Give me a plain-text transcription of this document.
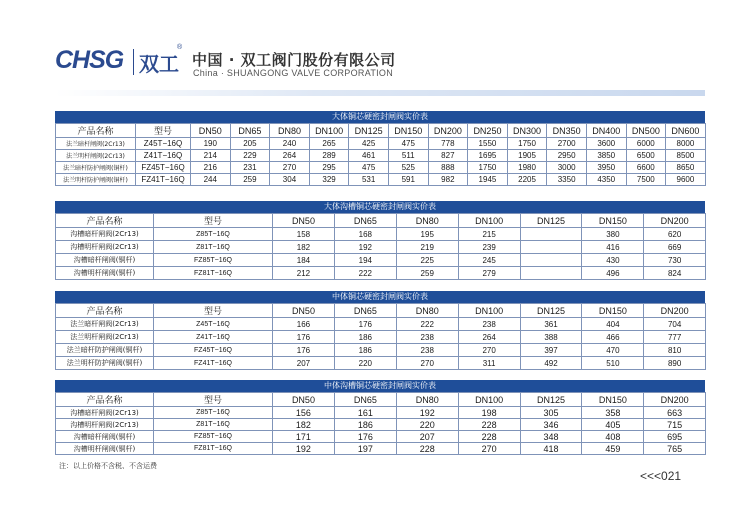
CHSG 双工
®
中国 · 双工阀门股份有限公司
China · SHUANGONG VALVE CORPORATION
大体铜芯硬密封闸阀实价表
产品名称	型号	DN50	DN65	DN80	DN100	DN125	DN150	DN200	DN250	DN300	DN350	DN400	DN500	DN600
法兰暗杆闸阀(2Cr13)	Z45T−16Q	190	205	240	265	425	475	778	1550	1750	2700	3600	6000	8000
法兰明杆闸阀(2Cr13)	Z41T−16Q	214	229	264	289	461	511	827	1695	1905	2950	3850	6500	8500
法兰暗杆防护闸阀(铜杆)	FZ45T−16Q	216	231	270	295	475	525	888	1750	1980	3000	3950	6600	8650
法兰明杆防护闸阀(铜杆)	FZ41T−16Q	244	259	304	329	531	591	982	1945	2205	3350	4350	7500	9600
大体沟槽铜芯硬密封闸阀实价表
产品名称	型号	DN50	DN65	DN80	DN100	DN125	DN150	DN200
沟槽暗杆闸阀(2Cr13)	Z85T−16Q	158	168	195	215		380	620
沟槽明杆闸阀(2Cr13)	Z81T−16Q	182	192	219	239		416	669
沟槽暗杆闸阀(铜杆)	FZ85T−16Q	184	194	225	245		430	730
沟槽明杆闸阀(铜杆)	FZ81T−16Q	212	222	259	279		496	824
中体铜芯硬密封闸阀实价表
产品名称	型号	DN50	DN65	DN80	DN100	DN125	DN150	DN200
法兰暗杆闸阀(2Cr13)	Z45T−16Q	166	176	222	238	361	404	704
法兰明杆闸阀(2Cr13)	Z41T−16Q	176	186	238	264	388	466	777
法兰暗杆防护闸阀(铜杆)	FZ45T−16Q	176	186	238	270	397	470	810
法兰明杆防护闸阀(铜杆)	FZ41T−16Q	207	220	270	311	492	510	890
中体沟槽铜芯硬密封闸阀实价表
产品名称	型号	DN50	DN65	DN80	DN100	DN125	DN150	DN200
沟槽暗杆闸阀(2Cr13)	Z85T−16Q	156	161	192	198	305	358	663
沟槽明杆闸阀(2Cr13)	Z81T−16Q	182	186	220	228	346	405	715
沟槽暗杆闸阀(铜杆)	FZ85T−16Q	171	176	207	228	348	408	695
沟槽明杆闸阀(铜杆)	FZ81T−16Q	192	197	228	270	418	459	765
注：以上价格不含税、不含运费
<<<021
